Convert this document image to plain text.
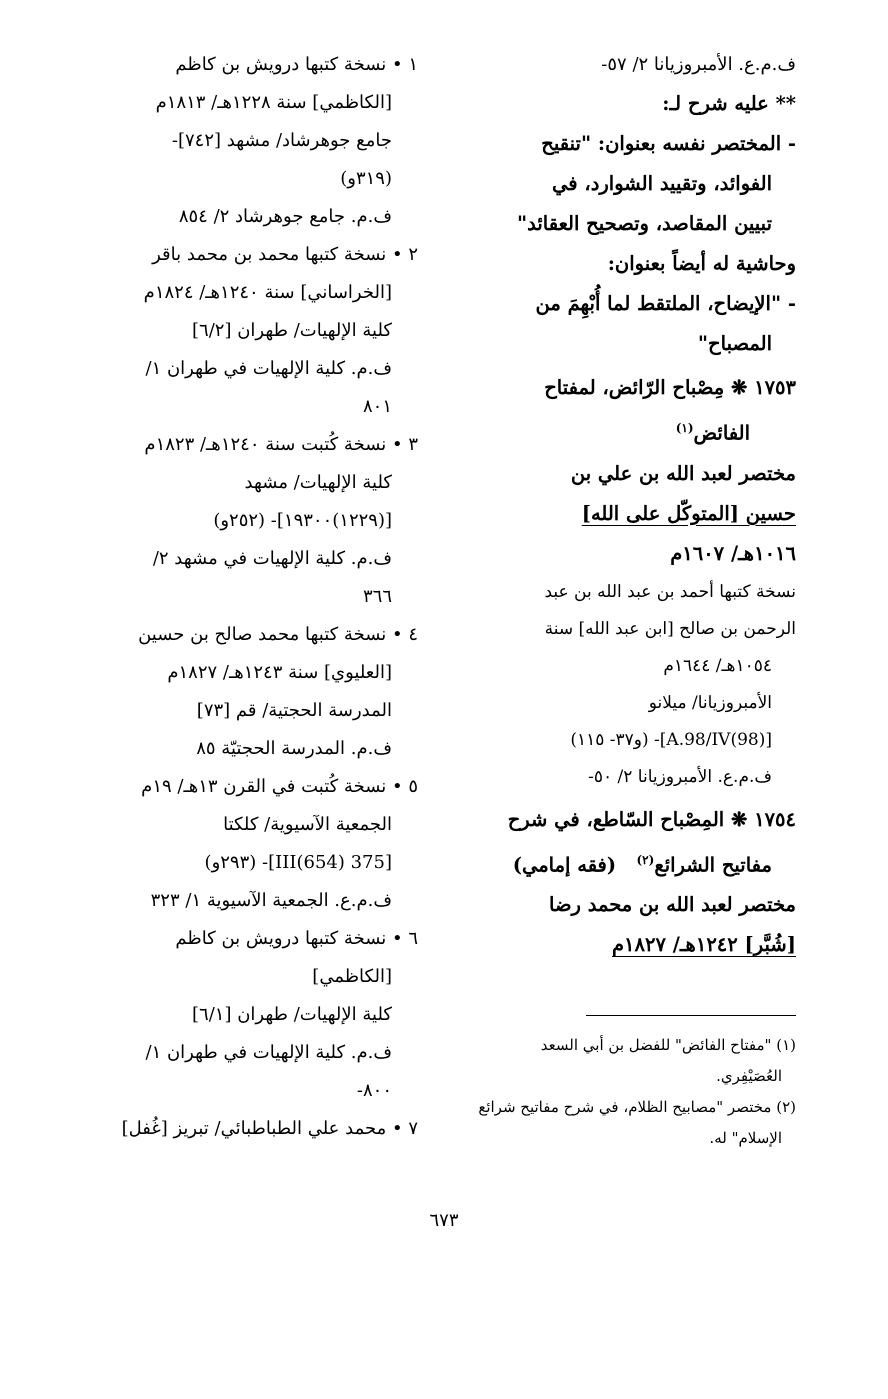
ف.م.ع. الأمبروزيانا ٢/ ٥٧-
** عليه شرح لـ:
- المختصر نفسه بعنوان: "تنقيح
الفوائد، وتقييد الشوارد، في
تبيين المقاصد، وتصحيح العقائد"
وحاشية له أيضاً بعنوان:
- "الإيضاح، الملتقط لما أُبْهِمَ من
المصباح"
١٧٥٣ ❋ مِصْباح الرّائض، لمفتاح
الفائض$^{(١)}$
مختصر لعبد الله بن علي بن
حسين [المتوكّل على الله]
١٠١٦هـ/ ١٦٠٧م
نسخة كتبها أحمد بن عبد الله بن عبد
الرحمن بن صالح [ابن عبد الله] سنة
١٠٥٤هـ/ ١٦٤٤م
الأمبروزيانا/ ميلانو
[A.98/IV(98)]- (و٣٧- ١١٥)
ف.م.ع. الأمبروزيانا ٢/ ٥٠-
١٧٥٤ ❋ المِصْباح السّاطع، في شرح
مفاتيح الشرائع$^{(٢)}$   (فقه إمامي)
مختصر لعبد الله بن محمد رضا
[شُبَّر] ١٢٤٢هـ/ ١٨٢٧م
١ • نسخة كتبها درويش بن كاظم
[الكاظمي] سنة ١٢٢٨هـ/ ١٨١٣م
جامع جوهرشاد/ مشهد [٧٤٢]-
(٣١٩و)
ف.م. جامع جوهرشاد ٢/ ٨٥٤
٢ • نسخة كتبها محمد بن محمد باقر
[الخراساني] سنة ١٢٤٠هـ/ ١٨٢٤م
كلية الإلهيات/ طهران [٦/٢]
ف.م. كلية الإلهيات في طهران ١/
٨٠١
٣ • نسخة كُتبت سنة ١٢٤٠هـ/ ١٨٢٣م
كلية الإلهيات/ مشهد
[(١٢٢٩)١٩٣٠٠]- (٢٥٢و)
ف.م. كلية الإلهيات في مشهد ٢/
٣٦٦
٤ • نسخة كتبها محمد صالح بن حسين
[العليوي] سنة ١٢٤٣هـ/ ١٨٢٧م
المدرسة الحجتية/ قم [٧٣]
ف.م. المدرسة الحجتيّة ٨٥
٥ • نسخة كُتبت في القرن ١٣هـ/ ١٩م
الجمعية الآسيوية/ كلكتا
[375 III(654)]- (٢٩٣و)
ف.م.ع. الجمعية الآسيوية ١/ ٣٢٣
٦ • نسخة كتبها درويش بن كاظم
[الكاظمي]
كلية الإلهيات/ طهران [٦/١]
ف.م. كلية الإلهيات في طهران ١/
٨٠٠-
٧ • محمد علي الطباطبائي/ تبريز [غُفل]
(١) "مفتاح الفائض" للفضل بن أبي السعد
العُصَيْفِري.
(٢) مختصر "مصابيح الظلام، في شرح مفاتيح شرائع
الإسلام" له.
٦٧٣
